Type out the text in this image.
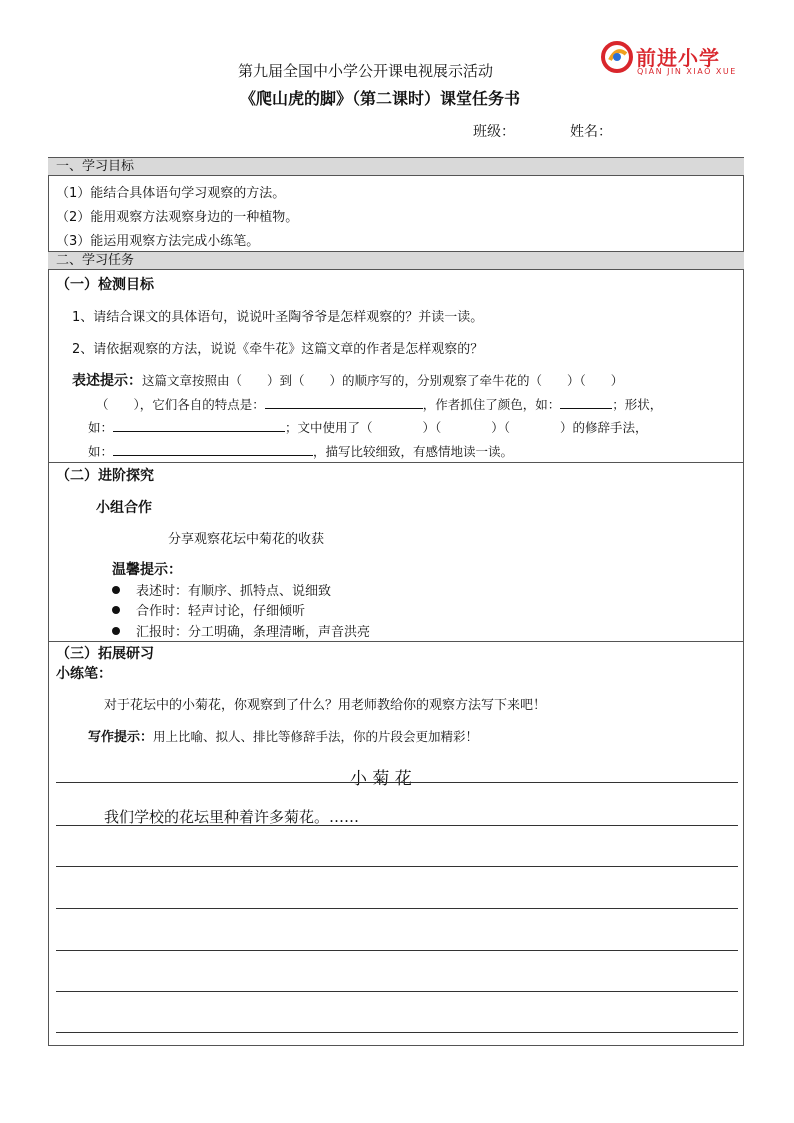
第九届全国中小学公开课电视展示活动
前进小学
QIAN JIN XIAO XUE
《爬山虎的脚》（第二课时）课堂任务书
班级：	姓名：
一、学习目标
（1）能结合具体语句学习观察的方法。
（2）能用观察方法观察身边的一种植物。
（3）能运用观察方法完成小练笔。
二、学习任务
（一）检测目标
1、请结合课文的具体语句，说说叶圣陶爷爷是怎样观察的？并读一读。
2、请依据观察的方法，说说《牵牛花》这篇文章的作者是怎样观察的？
表述提示：这篇文章按照由（　　）到（　　）的顺序写的，分别观察了牵牛花的（　　）（　　）
（　　），它们各自的特点是：	，作者抓住了颜色，如：	；形状，
如：	；文中使用了（　　　　）（　　　　）（　　　　）的修辞手法，
如：	，描写比较细致，有感情地读一读。
（二）进阶探究
小组合作
分享观察花坛中菊花的收获
温馨提示：
表述时：有顺序、抓特点、说细致
合作时：轻声讨论，仔细倾听
汇报时：分工明确，条理清晰，声音洪亮
（三）拓展研习
小练笔：
对于花坛中的小菊花，你观察到了什么？用老师教给你的观察方法写下来吧！
写作提示：用上比喻、拟人、排比等修辞手法，你的片段会更加精彩！
小 菊 花
我们学校的花坛里种着许多菊花。……
